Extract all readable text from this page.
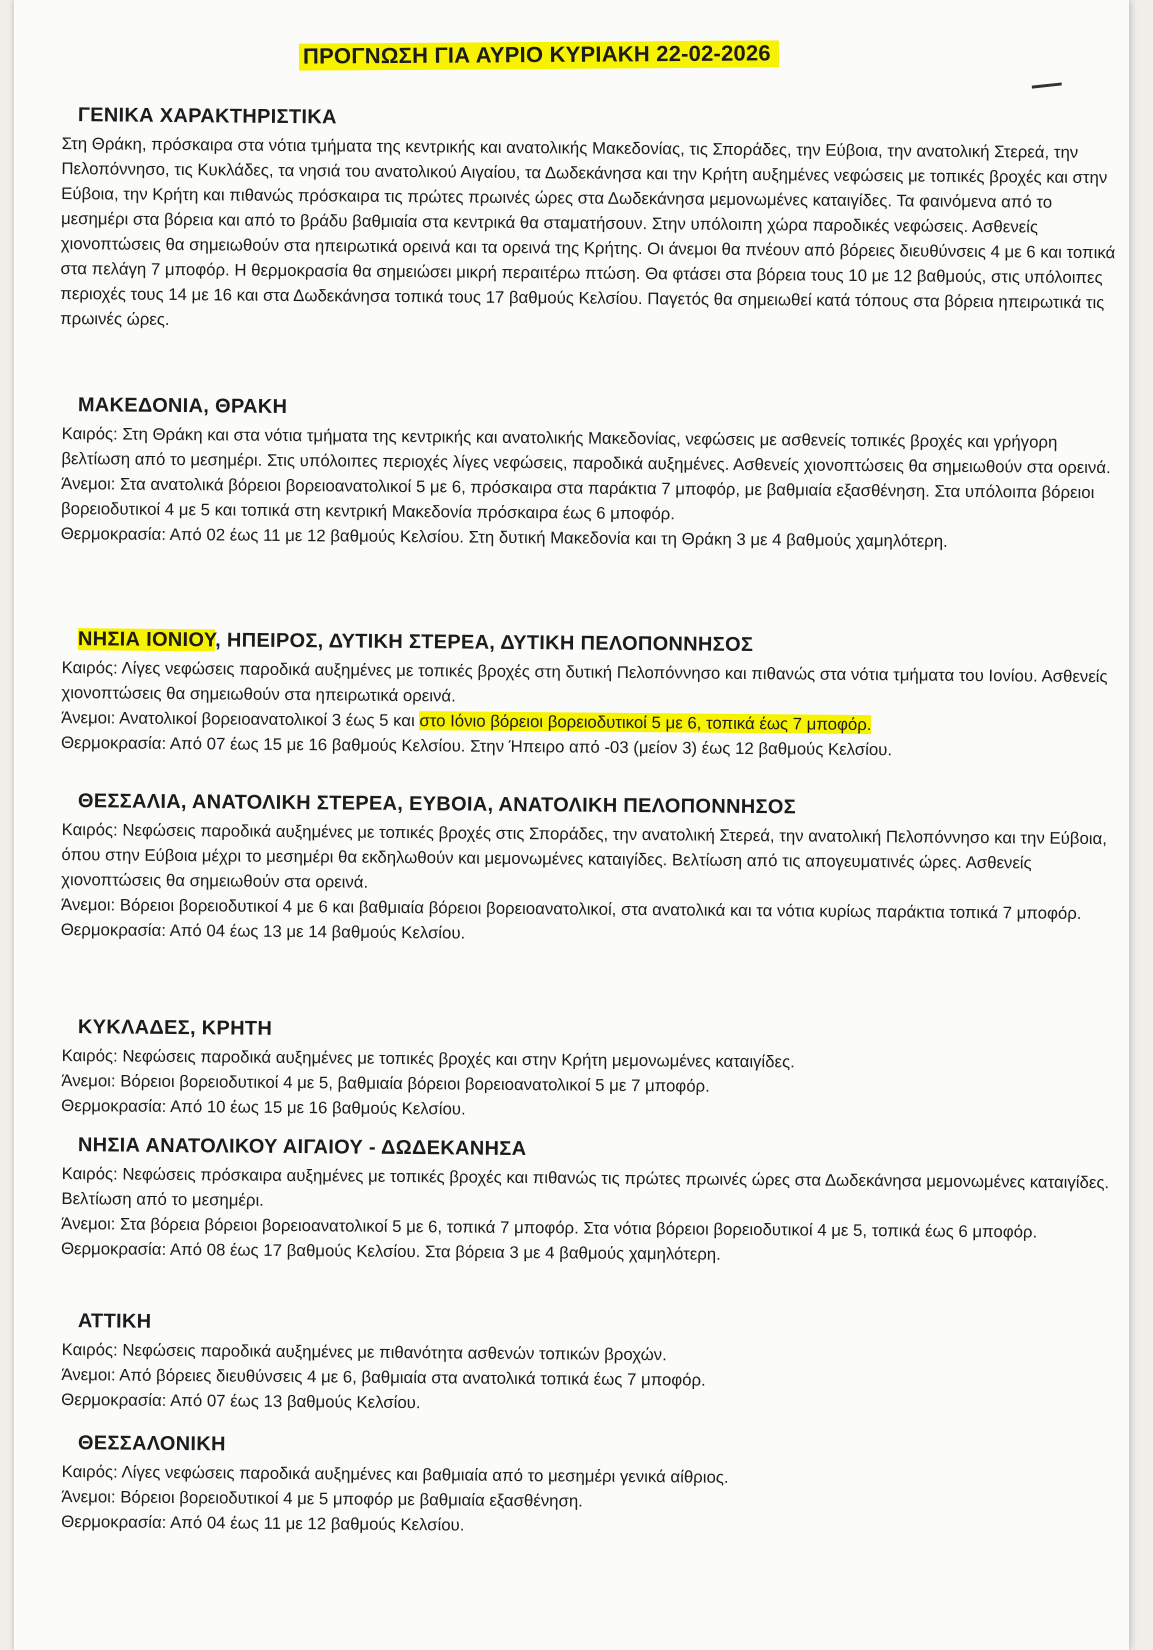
ΠΡΟΓΝΩΣΗ ΓΙΑ ΑΥΡΙΟ ΚΥΡΙΑΚΗ 22-02-2026
ΓΕΝΙΚΑ ΧΑΡΑΚΤΗΡΙΣΤΙΚΑ

Στη Θράκη, πρόσκαιρα στα νότια τμήματα της κεντρικής και ανατολικής Μακεδονίας, τις Σποράδες, την Εύβοια, την ανατολική Στερεά, την Πελοπόννησο, τις Κυκλάδες, τα νησιά του ανατολικού Αιγαίου, τα Δωδεκάνησα και την Κρήτη αυξημένες νεφώσεις με τοπικές βροχές και στην Εύβοια, την Κρήτη και πιθανώς πρόσκαιρα τις πρώτες πρωινές ώρες στα Δωδεκάνησα μεμονωμένες καταιγίδες. Τα φαινόμενα από το μεσημέρι στα βόρεια και από το βράδυ βαθμιαία στα κεντρικά θα σταματήσουν. Στην υπόλοιπη χώρα παροδικές νεφώσεις. Ασθενείς χιονοπτώσεις θα σημειωθούν στα ηπειρωτικά ορεινά και τα ορεινά της Κρήτης. Οι άνεμοι θα πνέουν από βόρειες διευθύνσεις 4 με 6 και τοπικά στα πελάγη 7 μποφόρ. Η θερμοκρασία θα σημειώσει μικρή περαιτέρω πτώση. Θα φτάσει στα βόρεια τους 10 με 12 βαθμούς, στις υπόλοιπες περιοχές τους 14 με 16 και στα Δωδεκάνησα τοπικά τους 17 βαθμούς Κελσίου. Παγετός θα σημειωθεί κατά τόπους στα βόρεια ηπειρωτικά τις πρωινές ώρες.

ΜΑΚΕΔΟΝΙΑ, ΘΡΑΚΗ

Καιρός: Στη Θράκη και στα νότια τμήματα της κεντρικής και ανατολικής Μακεδονίας, νεφώσεις με ασθενείς τοπικές βροχές και γρήγορη βελτίωση από το μεσημέρι. Στις υπόλοιπες περιοχές λίγες νεφώσεις, παροδικά αυξημένες. Ασθενείς χιονοπτώσεις θα σημειωθούν στα ορεινά.

Άνεμοι: Στα ανατολικά βόρειοι βορειοανατολικοί 5 με 6, πρόσκαιρα στα παράκτια 7 μποφόρ, με βαθμιαία εξασθένηση. Στα υπόλοιπα βόρειοι βορειοδυτικοί 4 με 5 και τοπικά στη κεντρική Μακεδονία πρόσκαιρα έως 6 μποφόρ.

Θερμοκρασία: Από 02 έως 11 με 12 βαθμούς Κελσίου. Στη δυτική Μακεδονία και τη Θράκη 3 με 4 βαθμούς χαμηλότερη.

ΝΗΣΙΑ ΙΟΝΙΟΥ, ΗΠΕΙΡΟΣ, ΔΥΤΙΚΗ ΣΤΕΡΕΑ, ΔΥΤΙΚΗ ΠΕΛΟΠΟΝΝΗΣΟΣ

Καιρός: Λίγες νεφώσεις παροδικά αυξημένες με τοπικές βροχές στη δυτική Πελοπόννησο και πιθανώς στα νότια τμήματα του Ιονίου. Ασθενείς χιονοπτώσεις θα σημειωθούν στα ηπειρωτικά ορεινά.

Άνεμοι: Ανατολικοί βορειοανατολικοί 3 έως 5 και στο Ιόνιο βόρειοι βορειοδυτικοί 5 με 6, τοπικά έως 7 μποφόρ.

Θερμοκρασία: Από 07 έως 15 με 16 βαθμούς Κελσίου. Στην Ήπειρο από -03 (μείον 3) έως 12 βαθμούς Κελσίου.

ΘΕΣΣΑΛΙΑ, ΑΝΑΤΟΛΙΚΗ ΣΤΕΡΕΑ, ΕΥΒΟΙΑ, ΑΝΑΤΟΛΙΚΗ ΠΕΛΟΠΟΝΝΗΣΟΣ

Καιρός: Νεφώσεις παροδικά αυξημένες με τοπικές βροχές στις Σποράδες, την ανατολική Στερεά, την ανατολική Πελοπόννησο και την Εύβοια, όπου στην Εύβοια μέχρι το μεσημέρι θα εκδηλωθούν και μεμονωμένες καταιγίδες. Βελτίωση από τις απογευματινές ώρες. Ασθενείς χιονοπτώσεις θα σημειωθούν στα ορεινά.

Άνεμοι: Βόρειοι βορειοδυτικοί 4 με 6 και βαθμιαία βόρειοι βορειοανατολικοί, στα ανατολικά και τα νότια κυρίως παράκτια τοπικά 7 μποφόρ.

Θερμοκρασία: Από 04 έως 13 με 14 βαθμούς Κελσίου.

ΚΥΚΛΑΔΕΣ, ΚΡΗΤΗ

Καιρός: Νεφώσεις παροδικά αυξημένες με τοπικές βροχές και στην Κρήτη μεμονωμένες καταιγίδες.

Άνεμοι: Βόρειοι βορειοδυτικοί 4 με 5, βαθμιαία βόρειοι βορειοανατολικοί 5 με 7 μποφόρ.

Θερμοκρασία: Από 10 έως 15 με 16 βαθμούς Κελσίου.

ΝΗΣΙΑ ΑΝΑΤΟΛΙΚΟΥ ΑΙΓΑΙΟΥ - ΔΩΔΕΚΑΝΗΣΑ

Καιρός: Νεφώσεις πρόσκαιρα αυξημένες με τοπικές βροχές και πιθανώς τις πρώτες πρωινές ώρες στα Δωδεκάνησα μεμονωμένες καταιγίδες. Βελτίωση από το μεσημέρι.

Άνεμοι: Στα βόρεια βόρειοι βορειοανατολικοί 5 με 6, τοπικά 7 μποφόρ. Στα νότια βόρειοι βορειοδυτικοί 4 με 5, τοπικά έως 6 μποφόρ.

Θερμοκρασία: Από 08 έως 17 βαθμούς Κελσίου. Στα βόρεια 3 με 4 βαθμούς χαμηλότερη.

ΑΤΤΙΚΗ

Καιρός: Νεφώσεις παροδικά αυξημένες με πιθανότητα ασθενών τοπικών βροχών.

Άνεμοι: Από βόρειες διευθύνσεις 4 με 6, βαθμιαία στα ανατολικά τοπικά έως 7 μποφόρ.

Θερμοκρασία: Από 07 έως 13 βαθμούς Κελσίου.

ΘΕΣΣΑΛΟΝΙΚΗ

Καιρός: Λίγες νεφώσεις παροδικά αυξημένες και βαθμιαία από το μεσημέρι γενικά αίθριος.

Άνεμοι: Βόρειοι βορειοδυτικοί 4 με 5 μποφόρ με βαθμιαία εξασθένηση.

Θερμοκρασία: Από 04 έως 11 με 12 βαθμούς Κελσίου.
